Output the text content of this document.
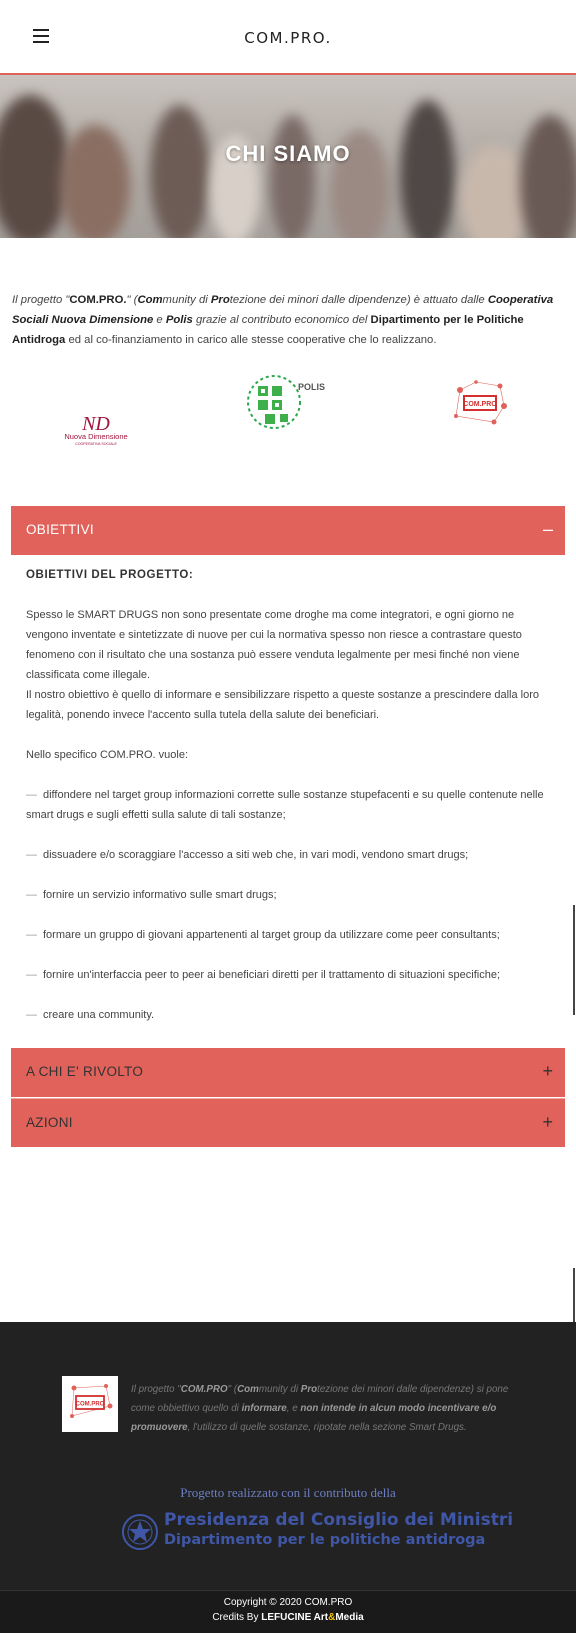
COM.PRO.
CHI SIAMO
Il progetto "COM.PRO." (Community di Protezione dei minori dalle dipendenze) è attuato dalle Cooperativa Sociali Nuova Dimensione e Polis grazie al contributo economico del Dipartimento per le Politiche Antidroga ed al co-finanziamento in carico alle stesse cooperative che lo realizzano.
ND
Nuova Dimensione
COOPERATIVA SOCIALE
POLIS
COM.PRO
OBIETTIVI	–
OBIETTIVI DEL PROGETTO:

Spesso le SMART DRUGS non sono presentate come droghe ma come integratori, e ogni giorno ne vengono inventate e sintetizzate di nuove per cui la normativa spesso non riesce a contrastare questo fenomeno con il risultato che una sostanza può essere venduta legalmente per mesi finché non viene classificata come illegale.
Il nostro obiettivo è quello di informare e sensibilizzare rispetto a queste sostanze a prescindere dalla loro legalità, ponendo invece l'accento sulla tutela della salute dei beneficiari.

Nello specifico COM.PRO. vuole:

— diffondere nel target group informazioni corrette sulle sostanze stupefacenti e su quelle contenute nelle smart drugs e sugli effetti sulla salute di tali sostanze;
— dissuadere e/o scoraggiare l'accesso a siti web che, in vari modi, vendono smart drugs;
— fornire un servizio informativo sulle smart drugs;
— formare un gruppo di giovani appartenenti al target group da utilizzare come peer consultants;
— fornire un'interfaccia peer to peer ai beneficiari diretti per il trattamento di situazioni specifiche;
— creare una community.
A CHI E' RIVOLTO	+
AZIONI	+
COM.PRO
Il progetto "COM.PRO" (Community di Protezione dei minori dalle dipendenze) si pone come obbiettivo quello di informare, e non intende in alcun modo incentivare e/o promuovere, l'utilizzo di quelle sostanze, ripotate nella sezione Smart Drugs.
Progetto realizzato con il contributo della
Presidenza del Consiglio dei Ministri
Dipartimento per le politiche antidroga
Copyright © 2020 COM.PRO
Credits By LEFUCINE Art&Media
